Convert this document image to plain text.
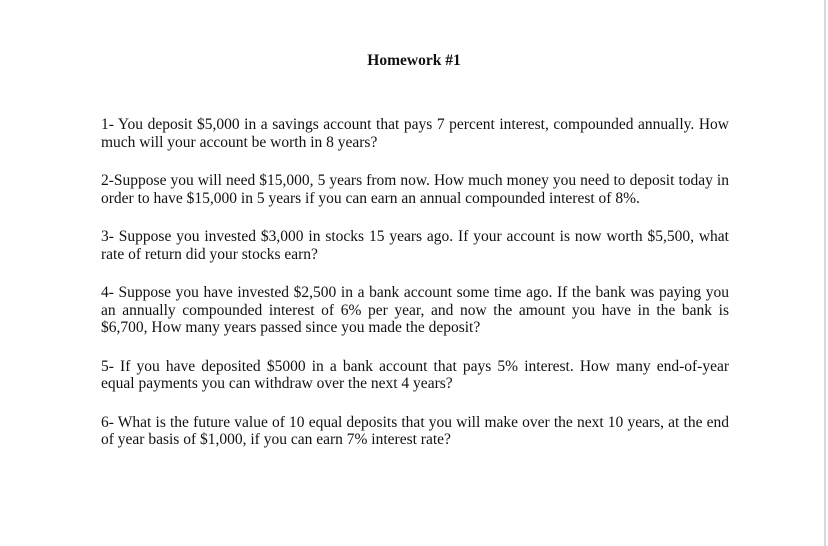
Homework #1

1- You deposit $5,000 in a savings account that pays 7 percent interest, compounded annually. How much will your account be worth in 8 years?

2-Suppose you will need $15,000, 5 years from now. How much money you need to deposit today in order to have $15,000 in 5 years if you can earn an annual compounded interest of 8%.

3- Suppose you invested $3,000 in stocks 15 years ago. If your account is now worth $5,500, what rate of return did your stocks earn?

4- Suppose you have invested $2,500 in a bank account some time ago. If the bank was paying you an annually compounded interest of 6% per year, and now the amount you have in the bank is $6,700, How many years passed since you made the deposit?

5- If you have deposited $5000 in a bank account that pays 5% interest. How many end-of-year equal payments you can withdraw over the next 4 years?

6- What is the future value of 10 equal deposits that you will make over the next 10 years, at the end of year basis of $1,000, if you can earn 7% interest rate?
